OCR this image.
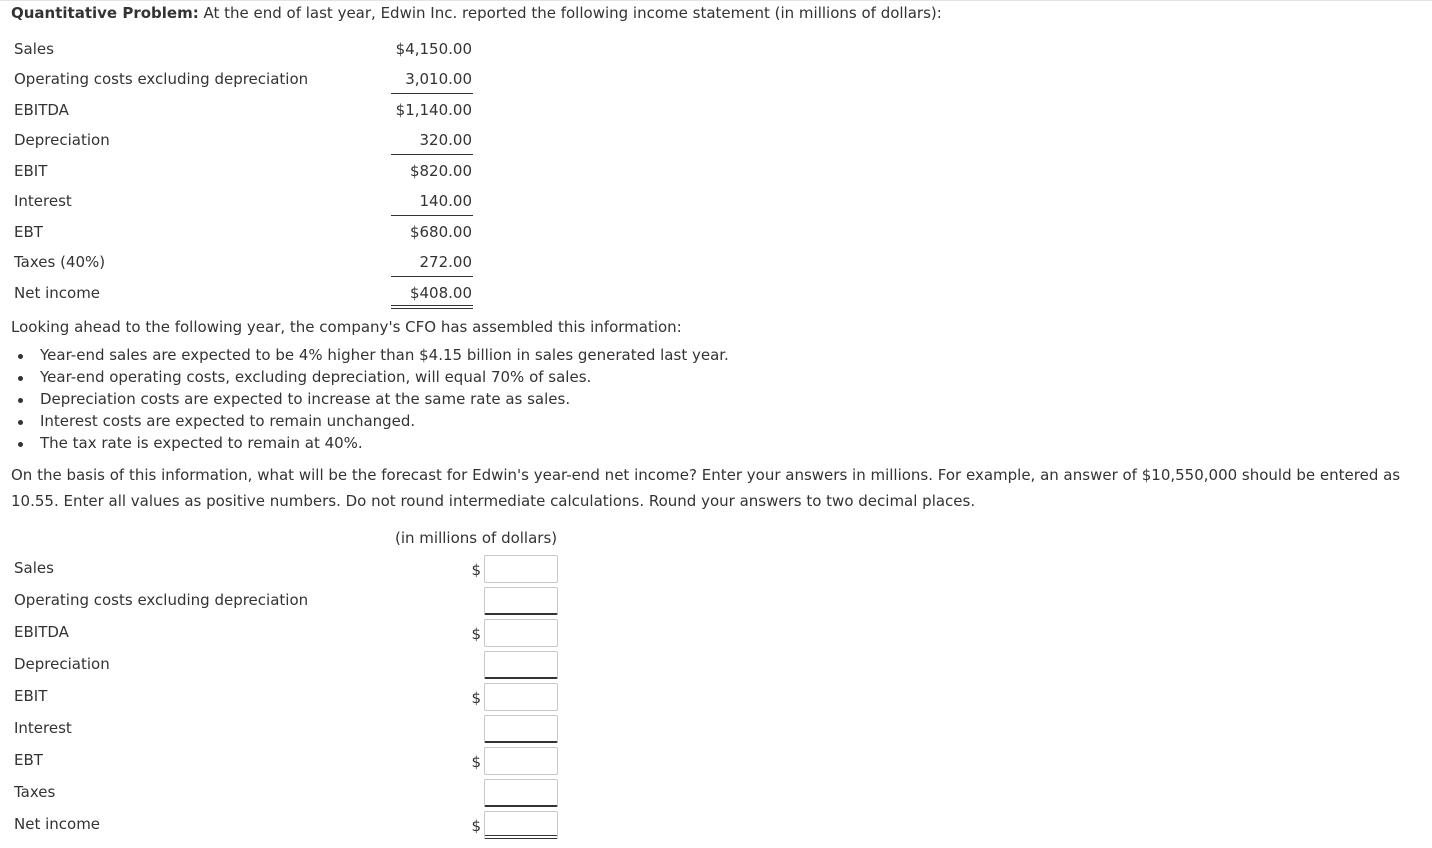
Quantitative Problem: At the end of last year, Edwin Inc. reported the following income statement (in millions of dollars):
Sales	$4,150.00
Operating costs excluding depreciation	3,010.00
EBITDA	$1,140.00
Depreciation	320.00
EBIT	$820.00
Interest	140.00
EBT	$680.00
Taxes (40%)	272.00
Net income	$408.00
Looking ahead to the following year, the company's CFO has assembled this information:
Year-end sales are expected to be 4% higher than $4.15 billion in sales generated last year.
Year-end operating costs, excluding depreciation, will equal 70% of sales.
Depreciation costs are expected to increase at the same rate as sales.
Interest costs are expected to remain unchanged.
The tax rate is expected to remain at 40%.
On the basis of this information, what will be the forecast for Edwin's year-end net income? Enter your answers in millions. For example, an answer of $10,550,000 should be entered as 10.55. Enter all values as positive numbers. Do not round intermediate calculations. Round your answers to two decimal places.
(in millions of dollars)
Sales	$
Operating costs excluding depreciation
EBITDA	$
Depreciation
EBIT	$
Interest
EBT	$
Taxes
Net income	$
